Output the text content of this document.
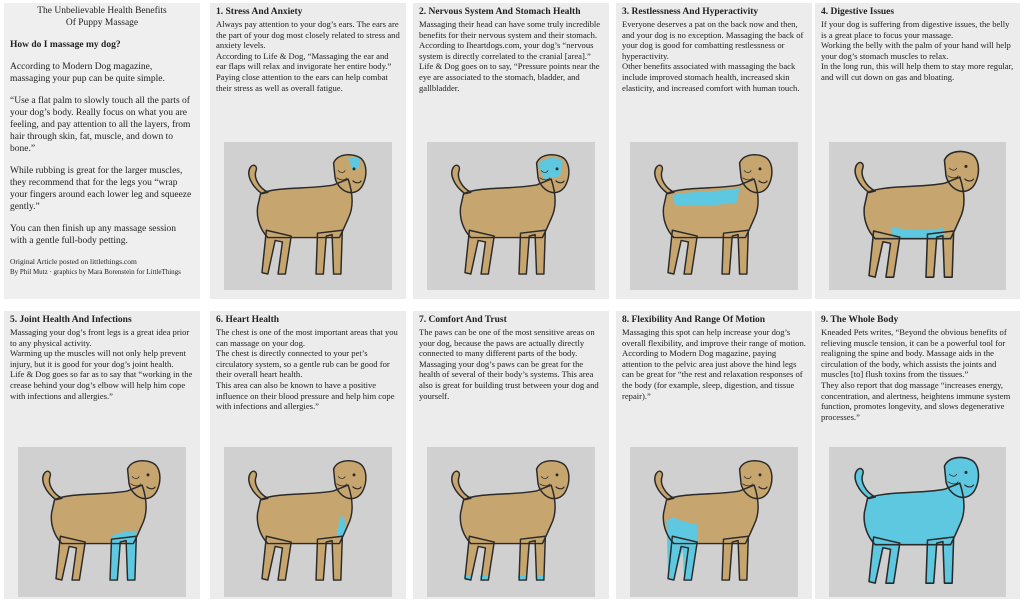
The Unbelievable Health Benefits
Of Puppy Massage

How do I massage my dog?

According to Modern Dog magazine, massaging your pup can be quite simple.

“Use a flat palm to slowly touch all the parts of your dog’s body. Really focus on what you are feeling, and pay attention to all the layers, from hair through skin, fat, muscle, and down to bone.”

While rubbing is great for the larger muscles, they recommend that for the legs you “wrap your fingers around each lower leg and squeeze gently.”

You can then finish up any massage session with a gentle full-body petting.

Original Article posted on littlethings.com

By Phil Mutz · graphics by Mara Borenstein for LittleThings

1. Stress And Anxiety

Always pay attention to your dog’s ears. The ears are the part of your dog most closely related to stress and anxiety levels.
According to Life & Dog, “Massaging the ear and ear flaps will relax and invigorate her entire body.”
Paying close attention to the ears can help combat their stress as well as overall fatigue.

2. Nervous System And Stomach Health

Massaging their head can have some truly incredible benefits for their nervous system and their stomach.
According to Iheartdogs.com, your dog’s “nervous system is directly correlated to the cranial [area].”
Life & Dog goes on to say, “Pressure points near the eye are associated to the stomach, bladder, and gallbladder.

3. Restlessness And Hyperactivity

Everyone deserves a pat on the back now and then, and your dog is no exception. Massaging the back of your dog is good for combatting restlessness or hyperactivity.
Other benefits associated with massaging the back include improved stomach health, increased skin elasticity, and increased comfort with human touch.

4. Digestive Issues

If your dog is suffering from digestive issues, the belly is a great place to focus your massage.
Working the belly with the palm of your hand will help your dog’s stomach muscles to relax.
In the long run, this will help them to stay more regular, and will cut down on gas and bloating.

5. Joint Health And Infections

Massaging your dog’s front legs is a great idea prior to any physical activity.
Warming up the muscles will not only help prevent injury, but it is good for your dog’s joint health.
Life & Dog goes so far as to say that “working in the crease behind your dog’s elbow will help him cope with infections and allergies.”

6. Heart Health

The chest is one of the most important areas that you can massage on your dog.
The chest is directly connected to your pet’s circulatory system, so a gentle rub can be good for their overall heart health.
This area can also be known to have a positive influence on their blood pressure and help him cope with infections and allergies.”

7. Comfort And Trust

The paws can be one of the most sensitive areas on your dog, because the paws are actually directly connected to many different parts of the body.
Massaging your dog’s paws can be great for the health of several of their body’s systems. This area also is great for building trust between your dog and yourself.

8. Flexibility And Range Of Motion

Massaging this spot can help increase your dog’s overall flexibility, and improve their range of motion.
According to Modern Dog magazine, paying attention to the pelvic area just above the hind legs can be great for “the rest and relaxation responses of the body (for example, sleep, digestion, and tissue repair).”

9. The Whole Body

Kneaded Pets writes, “Beyond the obvious benefits of relieving muscle tension, it can be a powerful tool for realigning the spine and body. Massage aids in the circulation of the body, which assists the joints and muscles [to] flush toxins from the tissues.”
They also report that dog massage “increases energy, concentration, and alertness, heightens immune system function, promotes longevity, and slows degenerative processes.”
